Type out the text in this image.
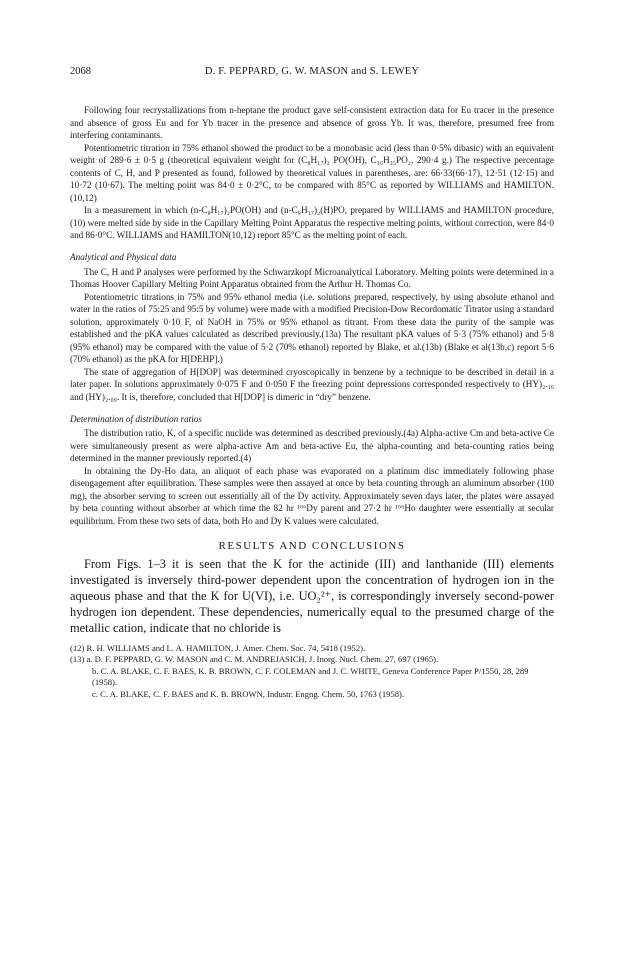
2068	D. F. PEPPARD, G. W. MASON and S. LEWEY

Following four recrystallizations from n-heptane the product gave self-consistent extraction data for Eu tracer in the presence and absence of gross Eu and for Yb tracer in the presence and absence of gross Yb. It was, therefore, presumed free from interfering contaminants.

Potentiometric titration in 75% ethanol showed the product to be a monobasic acid (less than 0·5% dibasic) with an equivalent weight of 289·6 ± 0·5 g (theoretical equivalent weight for (C₈H₁₇)₂ PO(OH), C₁₆H₃₅PO₂, 290·4 g.) The respective percentage contents of C, H, and P presented as found, followed by theoretical values in parentheses, are: 66·33(66·17), 12·51 (12·15) and 10·72 (10·67). The melting point was 84·0 ± 0·2°C, to be compared with 85°C as reported by WILLIAMS and HAMILTON.(10,12)

In a measurement in which (n-C₈H₁₇)₂PO(OH) and (n-C₈H₁₇)₂(H)PO, prepared by WILLIAMS and HAMILTON procedure,(10) were melted side by side in the Capillary Melting Point Apparatus the respective melting points, without correction, were 84·0 and 86·0°C. WILLIAMS and HAMILTON(10,12) report 85°C as the melting point of each.

Analytical and Physical data

The C, H and P analyses were performed by the Schwarzkopf Microanalytical Laboratory. Melting points were determined in a Thomas Hoover Capillary Melting Point Apparatus obtained from the Arthur H. Thomas Co.

Potentiometric titrations in 75% and 95% ethanol media (i.e. solutions prepared, respectively, by using absolute ethanol and water in the ratios of 75:25 and 95:5 by volume) were made with a modified Precision-Dow Recordomatic Titrator using a standard solution, approximately 0·10 F, of NaOH in 75% or 95% ethanol as titrant. From these data the purity of the sample was established and the pKA values calculated as described previously.(13a) The resultant pKA values of 5·3 (75% ethanol) and 5·8 (95% ethanol) may be compared with the value of 5·2 (70% ethanol) reported by Blake, et al.(13b) (Blake et al(13b,c) report 5·6 (70% ethanol) as the pKA for H[DEHP].)

The state of aggregation of H[DOP] was determined cryoscopically in benzene by a technique to be described in detail in a later paper. In solutions approximately 0·075 F and 0·050 F the freezing point depressions corresponded respectively to (HY)₂.₁₆ and (HY)₂.₀₉. It is, therefore, concluded that H[DOP] is dimeric in “dry” benzene.

Determination of distribution ratios

The distribution ratio, K, of a specific nuclide was determined as described previously.(4a) Alpha-active Cm and beta-active Ce were simultaneously present as were alpha-active Am and beta-active Eu, the alpha-counting and beta-counting ratios being determined in the manner previously reported.(4)

In obtaining the Dy-Ho data, an aliquot of each phase was evaporated on a platinum disc immediately following phase disengagement after equilibration. These samples were then assayed at once by beta counting through an aluminum absorber (100 mg), the absorber serving to screen out essentially all of the Dy activity. Approximately seven days later, the plates were assayed by beta counting without absorber at which time the 82 hr ¹⁶⁶Dy parent and 27·2 hr ¹⁶⁶Ho daughter were essentially at secular equilibrium. From these two sets of data, both Ho and Dy K values were calculated.

RESULTS AND CONCLUSIONS

From Figs. 1–3 it is seen that the K for the actinide (III) and lanthanide (III) elements investigated is inversely third-power dependent upon the concentration of hydrogen ion in the aqueous phase and that the K for U(VI), i.e. UO₂²⁺, is correspondingly inversely second-power hydrogen ion dependent. These dependencies, numerically equal to the presumed charge of the metallic cation, indicate that no chloride is

(12) R. H. WILLIAMS and L. A. HAMILTON, J. Amer. Chem. Soc. 74, 5418 (1952).
(13) a. D. F. PEPPARD, G. W. MASON and C. M. ANDREJASICH, J. Inorg. Nucl. Chem. 27, 697 (1965).
b. C. A. BLAKE, C. F. BAES, K. B. BROWN, C. F. COLEMAN and J. C. WHITE, Geneva Conference Paper P/1550, 28, 289 (1958).
c. C. A. BLAKE, C. F. BAES and K. B. BROWN, Industr. Engng. Chem. 50, 1763 (1958).
